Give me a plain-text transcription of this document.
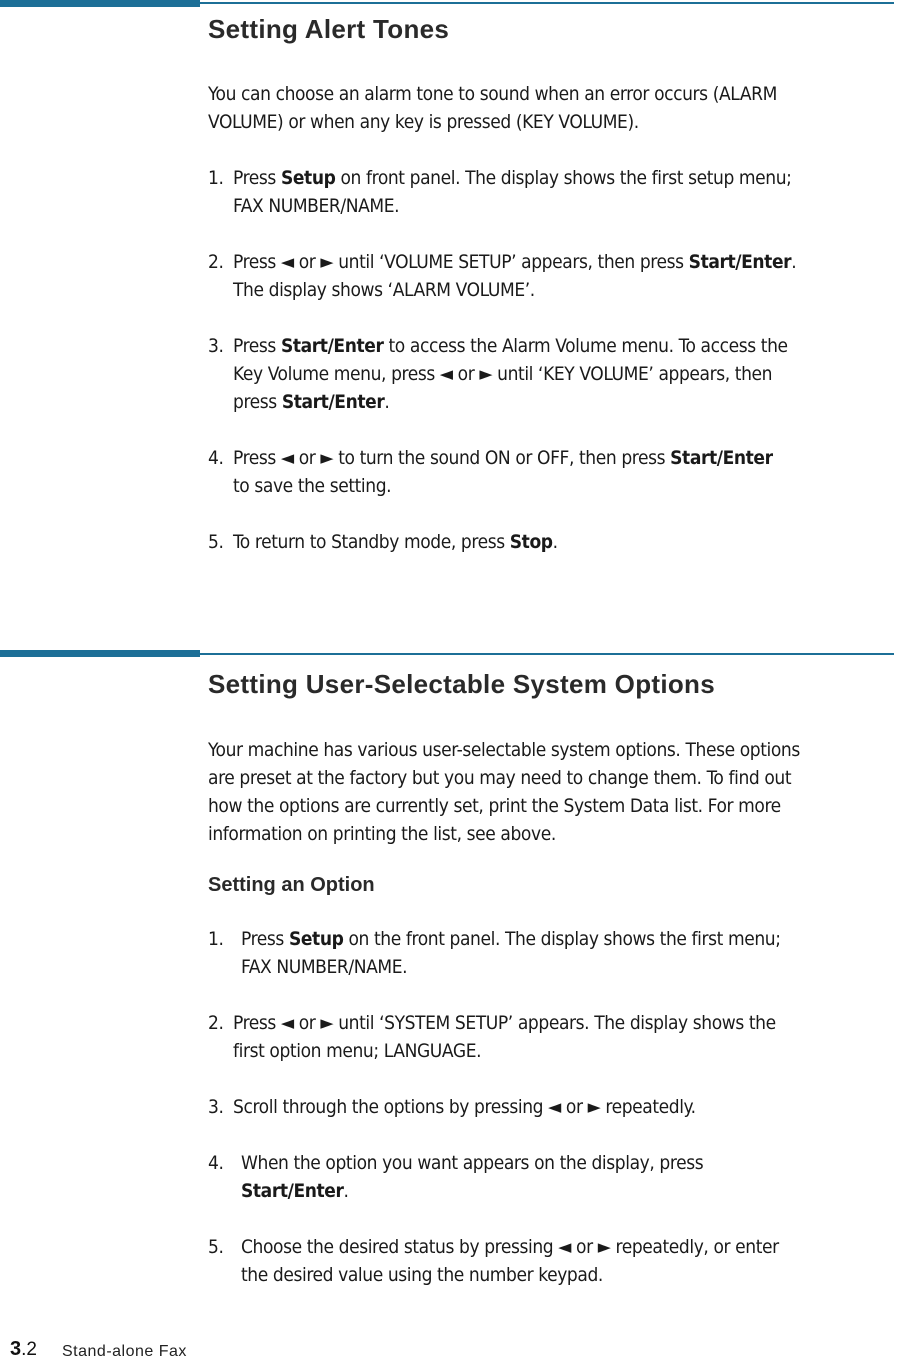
Setting Alert Tones

You can choose an alarm tone to sound when an error occurs (ALARM

VOLUME) or when any key is pressed (KEY VOLUME).

1. Press Setup on front panel. The display shows the first setup menu;

FAX NUMBER/NAME.

2. Press ◄ or ► until ‘VOLUME SETUP’ appears, then press Start/Enter.

The display shows ‘ALARM VOLUME’.

3. Press Start/Enter to access the Alarm Volume menu. To access the

Key Volume menu, press ◄ or ► until ‘KEY VOLUME’ appears, then

press Start/Enter.

4. Press ◄ or ► to turn the sound ON or OFF, then press Start/Enter

to save the setting.

5. To return to Standby mode, press Stop.

Setting User-Selectable System Options

Your machine has various user-selectable system options. These options

are preset at the factory but you may need to change them. To find out

how the options are currently set, print the System Data list. For more

information on printing the list, see above.

Setting an Option

1. Press Setup on the front panel. The display shows the first menu;

FAX NUMBER/NAME.

2. Press ◄ or ► until ‘SYSTEM SETUP’ appears. The display shows the

first option menu; LANGUAGE.

3. Scroll through the options by pressing ◄ or ► repeatedly.

4. When the option you want appears on the display, press

Start/Enter.

5. Choose the desired status by pressing ◄ or ► repeatedly, or enter

the desired value using the number keypad.

3.2 Stand-alone Fax
